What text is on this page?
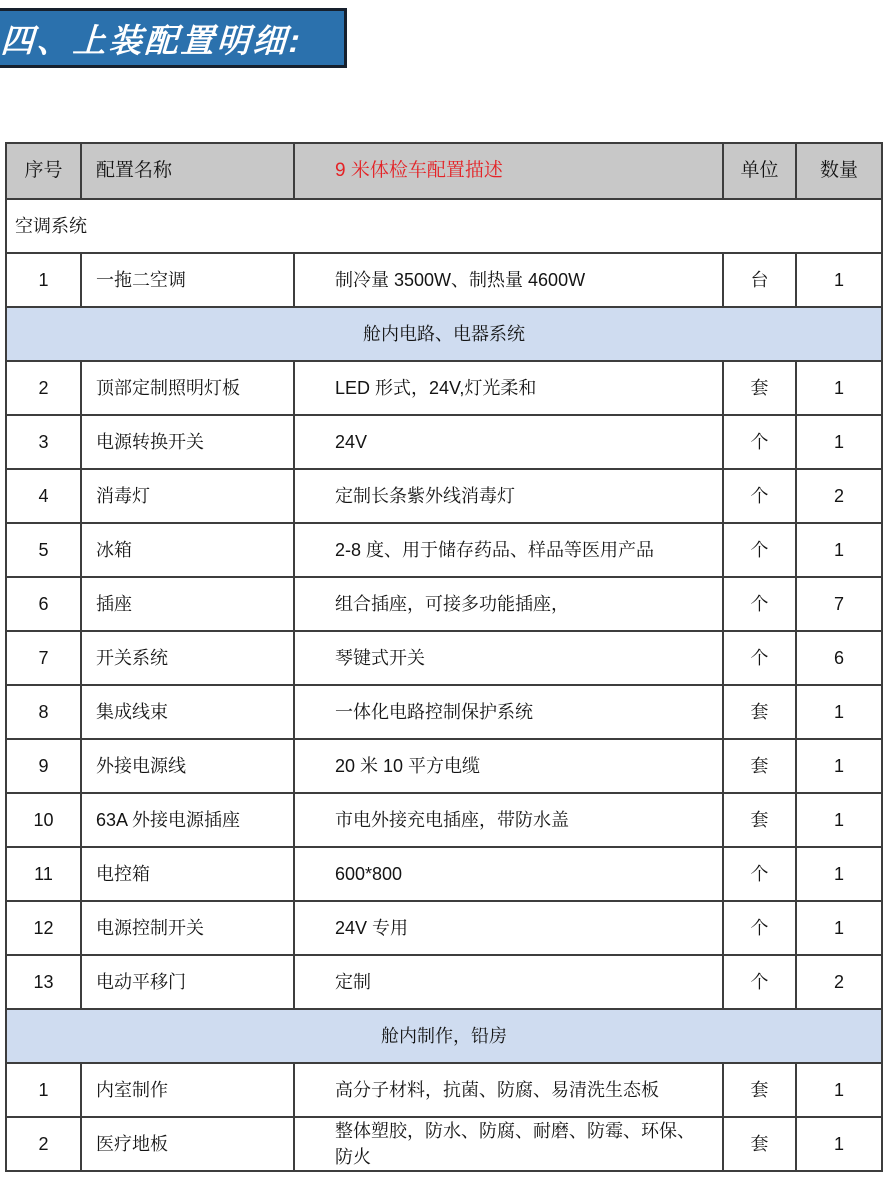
四、上装配置明细:
序号	配置名称	9 米体检车配置描述	单位	数量
空调系统				
1	一拖二空调	制冷量 3500W、制热量 4600W	台	1
舱内电路、电器系统				
2	顶部定制照明灯板	LED 形式，24V,灯光柔和	套	1
3	电源转换开关	24V	个	1
4	消毒灯	定制长条紫外线消毒灯	个	2
5	冰箱	2-8 度、用于储存药品、样品等医用产品	个	1
6	插座	组合插座，可接多功能插座，	个	7
7	开关系统	琴键式开关	个	6
8	集成线束	一体化电路控制保护系统	套	1
9	外接电源线	20 米 10 平方电缆	套	1
10	63A 外接电源插座	市电外接充电插座，带防水盖	套	1
11	电控箱	600*800	个	1
12	电源控制开关	24V 专用	个	1
13	电动平移门	定制	个	2
舱内制作，铅房				
1	内室制作	高分子材料，抗菌、防腐、易清洗生态板	套	1
2	医疗地板	整体塑胶，防水、防腐、耐磨、防霉、环保、防火	套	1
